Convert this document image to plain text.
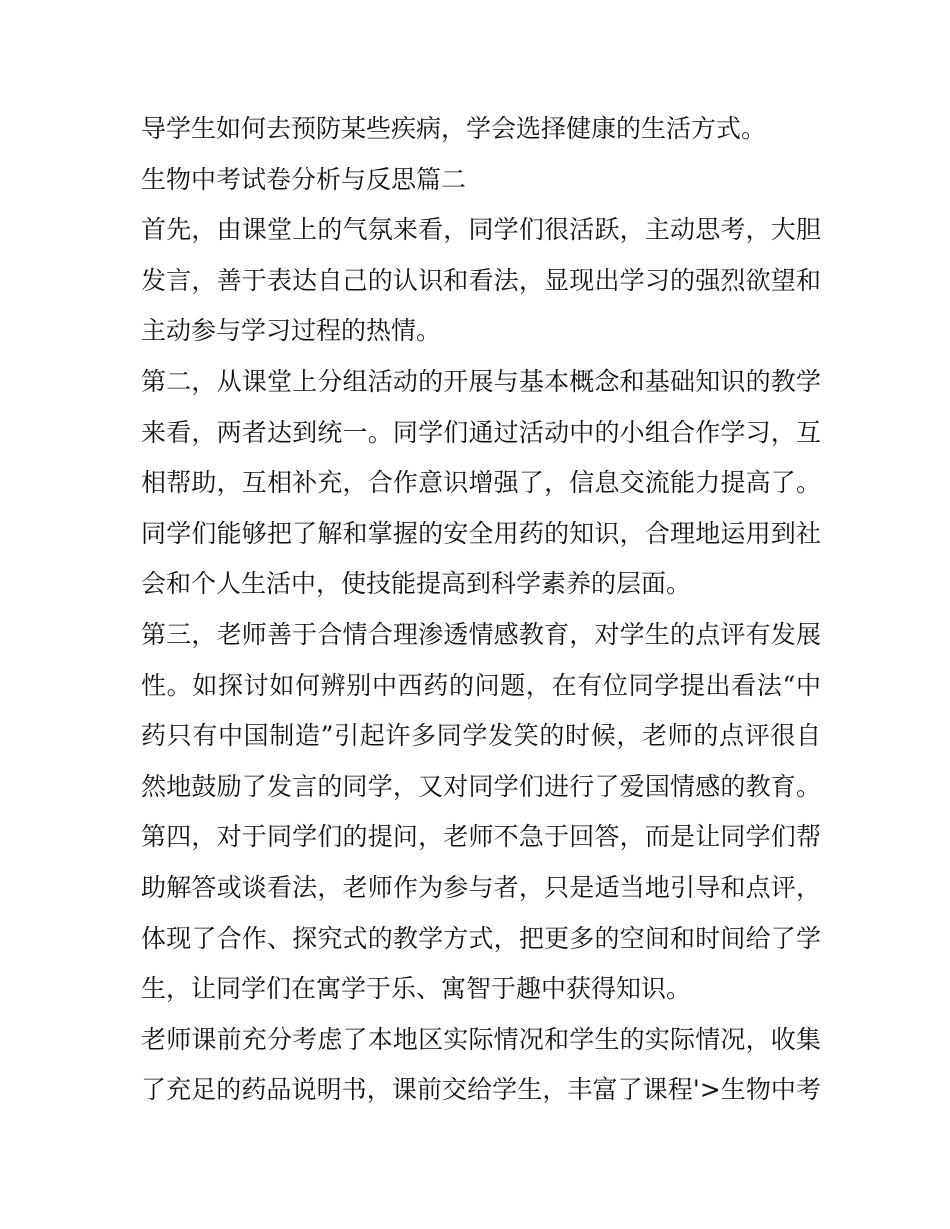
导学生如何去预防某些疾病，学会选择健康的生活方式。
生物中考试卷分析与反思篇二
首先，由课堂上的气氛来看，同学们很活跃，主动思考，大胆
发言，善于表达自己的认识和看法，显现出学习的强烈欲望和
主动参与学习过程的热情。
第二，从课堂上分组活动的开展与基本概念和基础知识的教学
来看，两者达到统一。同学们通过活动中的小组合作学习，互
相帮助，互相补充，合作意识增强了，信息交流能力提高了。
同学们能够把了解和掌握的安全用药的知识，合理地运用到社
会和个人生活中，使技能提高到科学素养的层面。
第三，老师善于合情合理渗透情感教育，对学生的点评有发展
性。如探讨如何辨别中西药的问题，在有位同学提出看法“中
药只有中国制造”引起许多同学发笑的时候，老师的点评很自
然地鼓励了发言的同学，又对同学们进行了爱国情感的教育。
第四，对于同学们的提问，老师不急于回答，而是让同学们帮
助解答或谈看法，老师作为参与者，只是适当地引导和点评，
体现了合作、探究式的教学方式，把更多的空间和时间给了学
生，让同学们在寓学于乐、寓智于趣中获得知识。
老师课前充分考虑了本地区实际情况和学生的实际情况，收集
了充足的药品说明书，课前交给学生，丰富了课程'>生物中考
